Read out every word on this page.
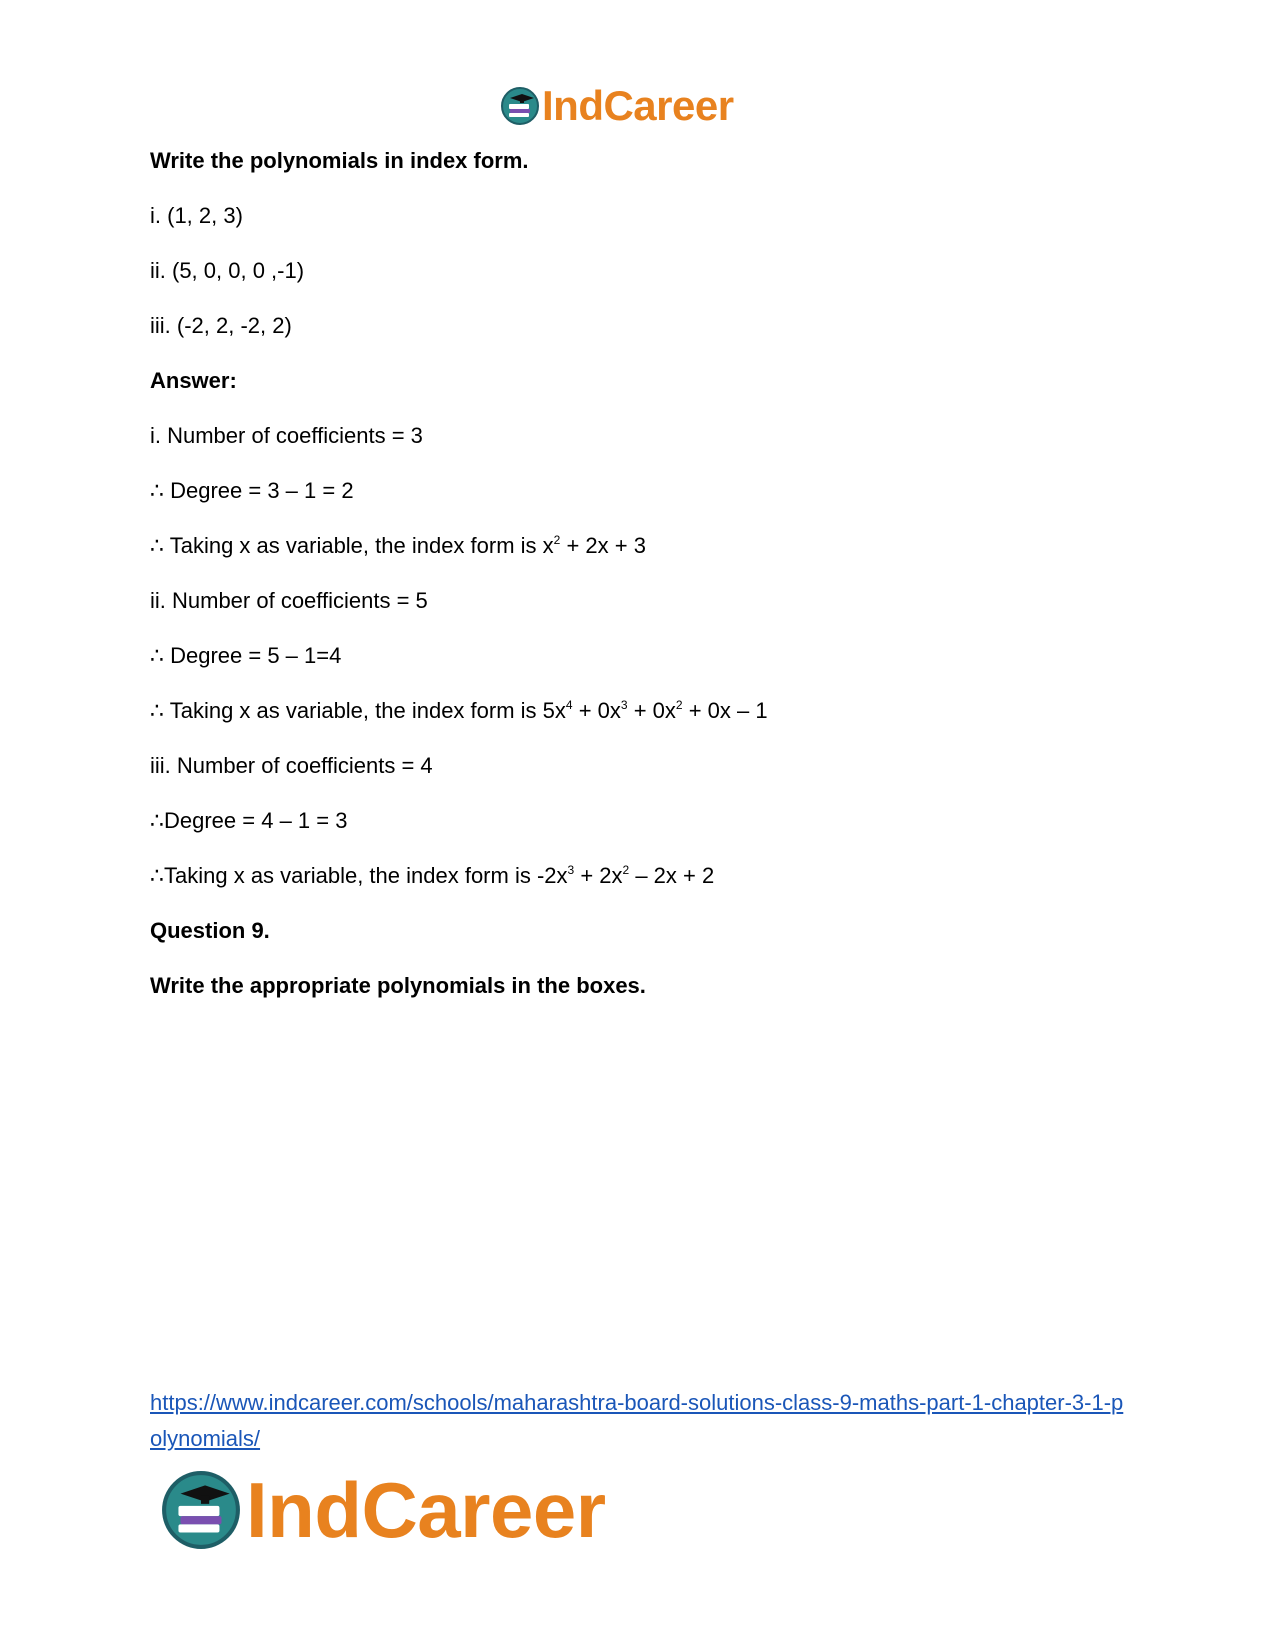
IndCareer
Write the polynomials in index form.
i. (1, 2, 3)
ii. (5, 0, 0, 0 ,-1)
iii. (-2, 2, -2, 2)
Answer:
i. Number of coefficients = 3
∴ Degree = 3 – 1 = 2
∴ Taking x as variable, the index form is $x^2 + 2x + 3$
ii. Number of coefficients = 5
∴ Degree = 5 – 1=4
∴ Taking x as variable, the index form is $5x^4 + 0x^3 + 0x^2 + 0x - 1$
iii. Number of coefficients = 4
∴Degree = 4 – 1 = 3
∴Taking x as variable, the index form is $-2x^3 + 2x^2 - 2x + 2$
Question 9.
Write the appropriate polynomials in the boxes.
https://www.indcareer.com/schools/maharashtra-board-solutions-class-9-maths-part-1-chapter-3-1-polynomials/
IndCareer
